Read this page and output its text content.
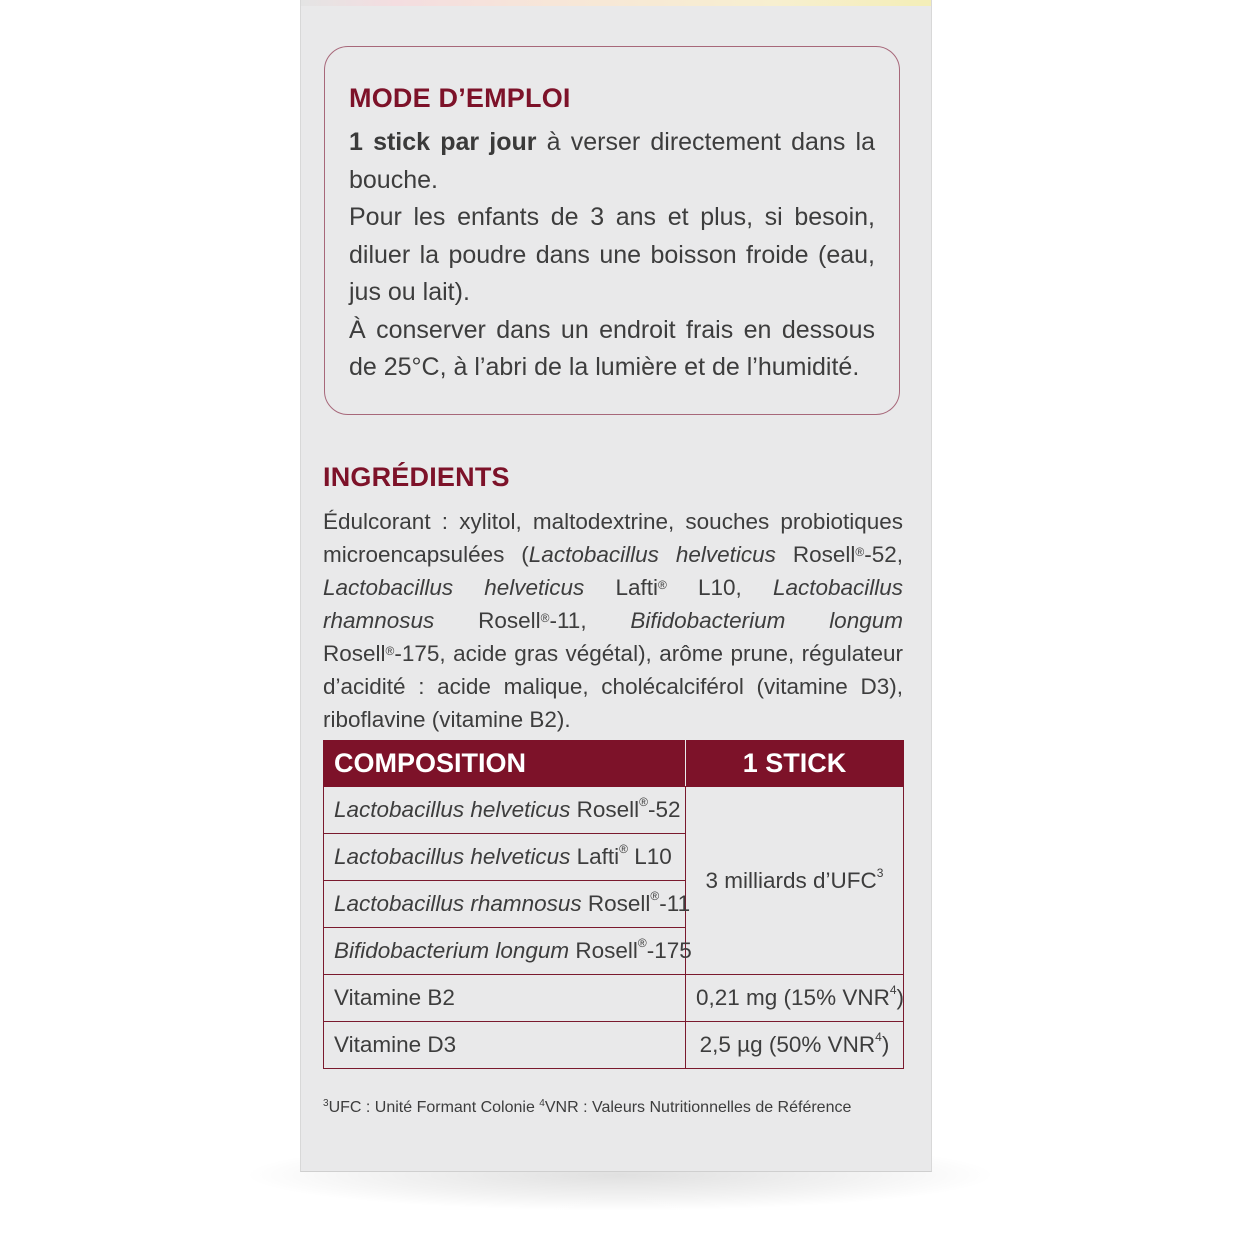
MODE D’EMPLOI

1 stick par jour à verser directement dans la bouche.

Pour les enfants de 3 ans et plus, si besoin, diluer la poudre dans une boisson froide (eau, jus ou lait).

À conserver dans un endroit frais en dessous de 25°C, à l’abri de la lumière et de l’humidité.

INGRÉDIENTS
Édulcorant : xylitol, maltodextrine, souches probiotiques microencapsulées (Lactobacillus helveticus Rosell®-52, Lactobacillus helveticus Lafti® L10, Lactobacillus rhamnosus Rosell®-11, Bifidobacterium longum Rosell®-175, acide gras végétal), arôme prune, régulateur d’acidité : acide malique, cholécalciférol (vitamine D3), riboflavine (vitamine B2).
COMPOSITION	1 STICK
Lactobacillus helveticus Rosell®-52	3 milliards d’UFC$^3$
Lactobacillus helveticus Lafti® L10	
Lactobacillus rhamnosus Rosell®-11	
Bifidobacterium longum Rosell®-175	
Vitamine B2	0,21 mg (15% VNR$^4$)
Vitamine D3	2,5 µg (50% VNR$^4$)
$^3$UFC : Unité Formant Colonie $^4$VNR : Valeurs Nutritionnelles de Référence
